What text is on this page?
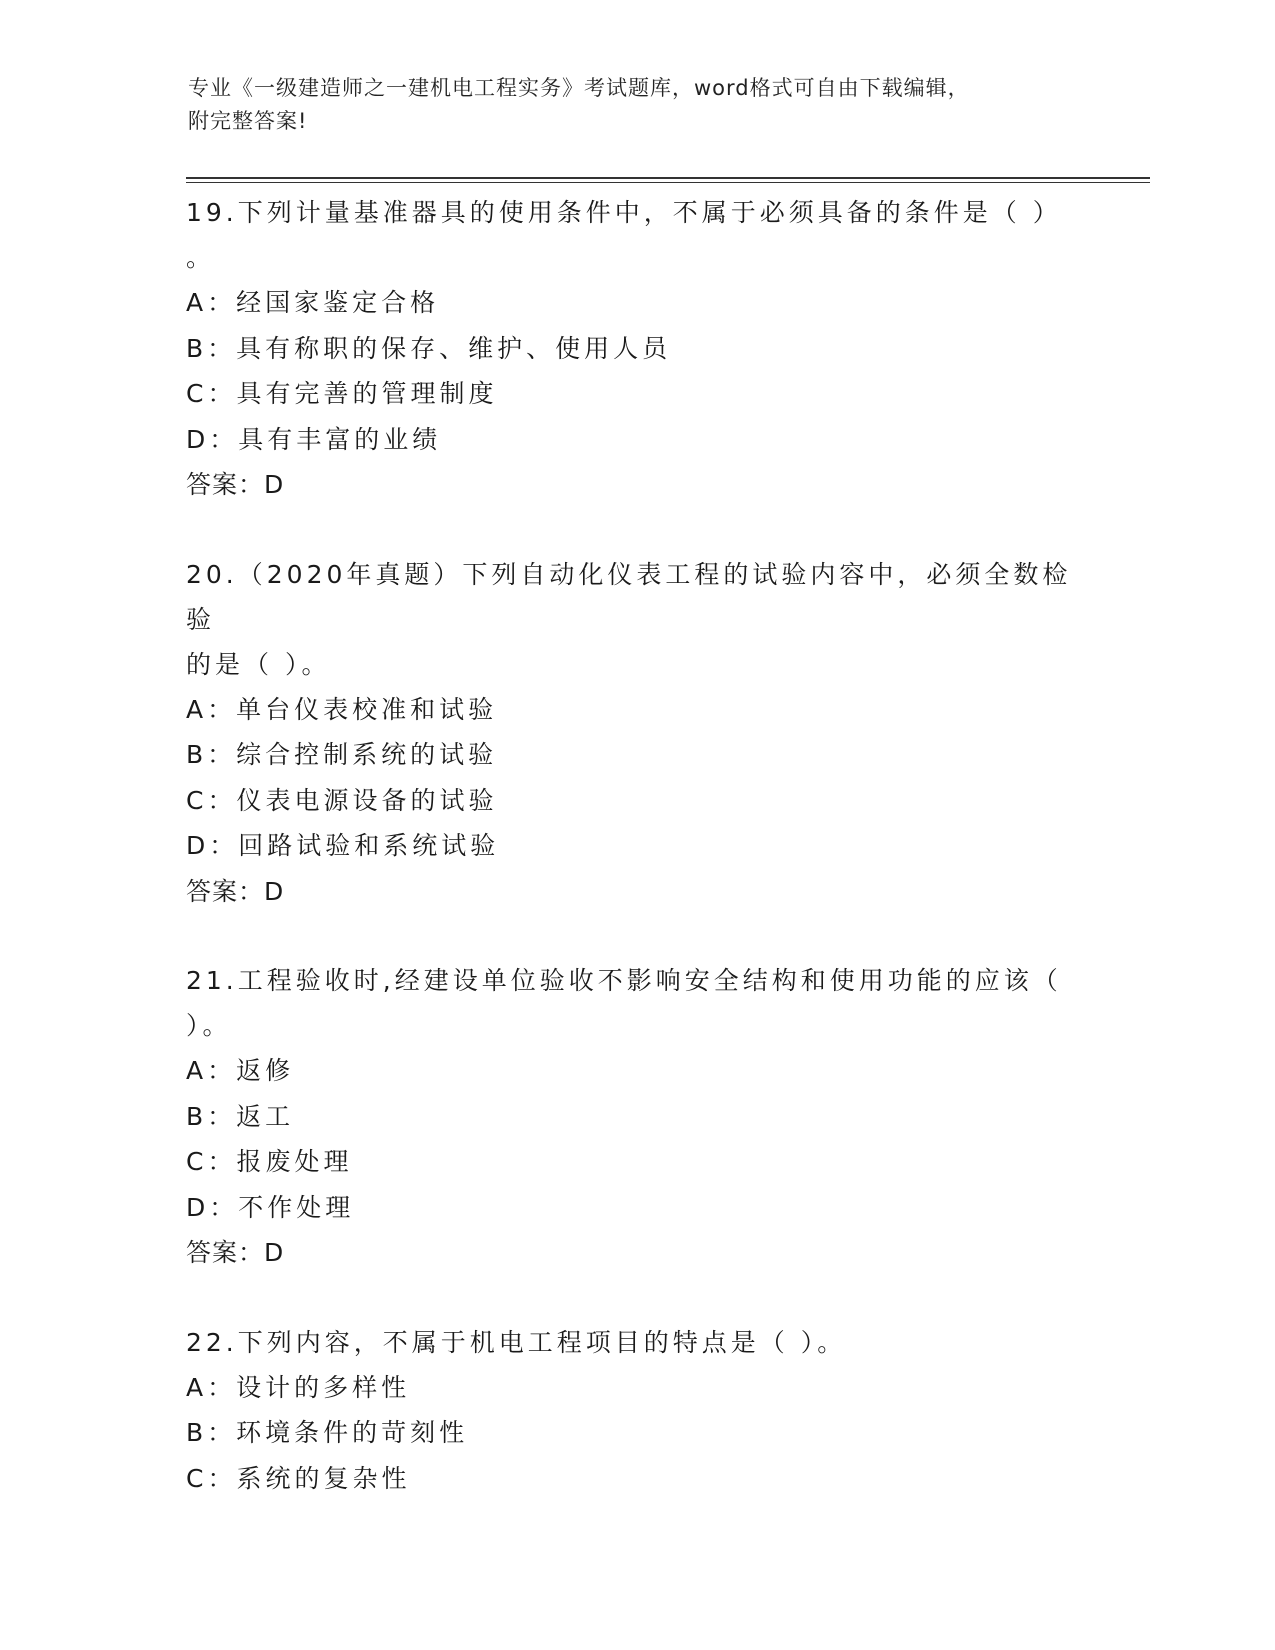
专业《一级建造师之一建机电工程实务》考试题库，word格式可自由下载编辑，
附完整答案!
19.下列计量基准器具的使用条件中，不属于必须具备的条件是（ ）
。
A：经国家鉴定合格
B：具有称职的保存、维护、使用人员
C：具有完善的管理制度
D：具有丰富的业绩
答案：D
20.（2020年真题）下列自动化仪表工程的试验内容中，必须全数检验
的是（ ）。
A：单台仪表校准和试验
B：综合控制系统的试验
C：仪表电源设备的试验
D：回路试验和系统试验
答案：D
21.工程验收时,经建设单位验收不影响安全结构和使用功能的应该（
）。
A：返修
B：返工
C：报废处理
D：不作处理
答案：D
22.下列内容，不属于机电工程项目的特点是（ ）。
A：设计的多样性
B：环境条件的苛刻性
C：系统的复杂性
